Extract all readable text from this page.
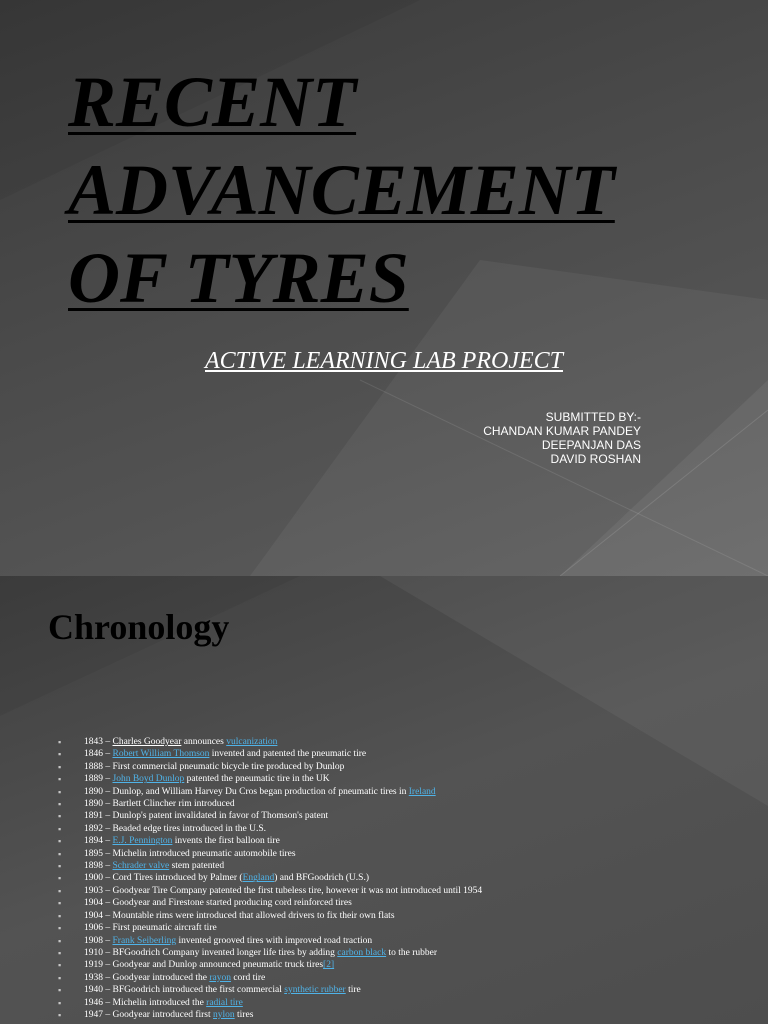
RECENT
ADVANCEMENT
OF TYRES
ACTIVE LEARNING LAB PROJECT
SUBMITTED BY:-
CHANDAN KUMAR PANDEY
DEEPANJAN DAS
DAVID ROSHAN
Chronology
▪ 1843 – Charles Goodyear announces vulcanization
▪ 1846 – Robert William Thomson invented and patented the pneumatic tire
▪ 1888 – First commercial pneumatic bicycle tire produced by Dunlop
▪ 1889 – John Boyd Dunlop patented the pneumatic tire in the UK
▪ 1890 – Dunlop, and William Harvey Du Cros began production of pneumatic tires in Ireland
▪ 1890 – Bartlett Clincher rim introduced
▪ 1891 – Dunlop's patent invalidated in favor of Thomson's patent
▪ 1892 – Beaded edge tires introduced in the U.S.
▪ 1894 – E.J. Pennington invents the first balloon tire
▪ 1895 – Michelin introduced pneumatic automobile tires
▪ 1898 – Schrader valve stem patented
▪ 1900 – Cord Tires introduced by Palmer (England) and BFGoodrich (U.S.)
▪ 1903 – Goodyear Tire Company patented the first tubeless tire, however it was not introduced until 1954
▪ 1904 – Goodyear and Firestone started producing cord reinforced tires
▪ 1904 – Mountable rims were introduced that allowed drivers to fix their own flats
▪ 1906 – First pneumatic aircraft tire
▪ 1908 – Frank Seiberling invented grooved tires with improved road traction
▪ 1910 – BFGoodrich Company invented longer life tires by adding carbon black to the rubber
▪ 1919 – Goodyear and Dunlop announced pneumatic truck tires[2]
▪ 1938 – Goodyear introduced the rayon cord tire
▪ 1940 – BFGoodrich introduced the first commercial synthetic rubber tire
▪ 1946 – Michelin introduced the radial tire
▪ 1947 – Goodyear introduced first nylon tires
